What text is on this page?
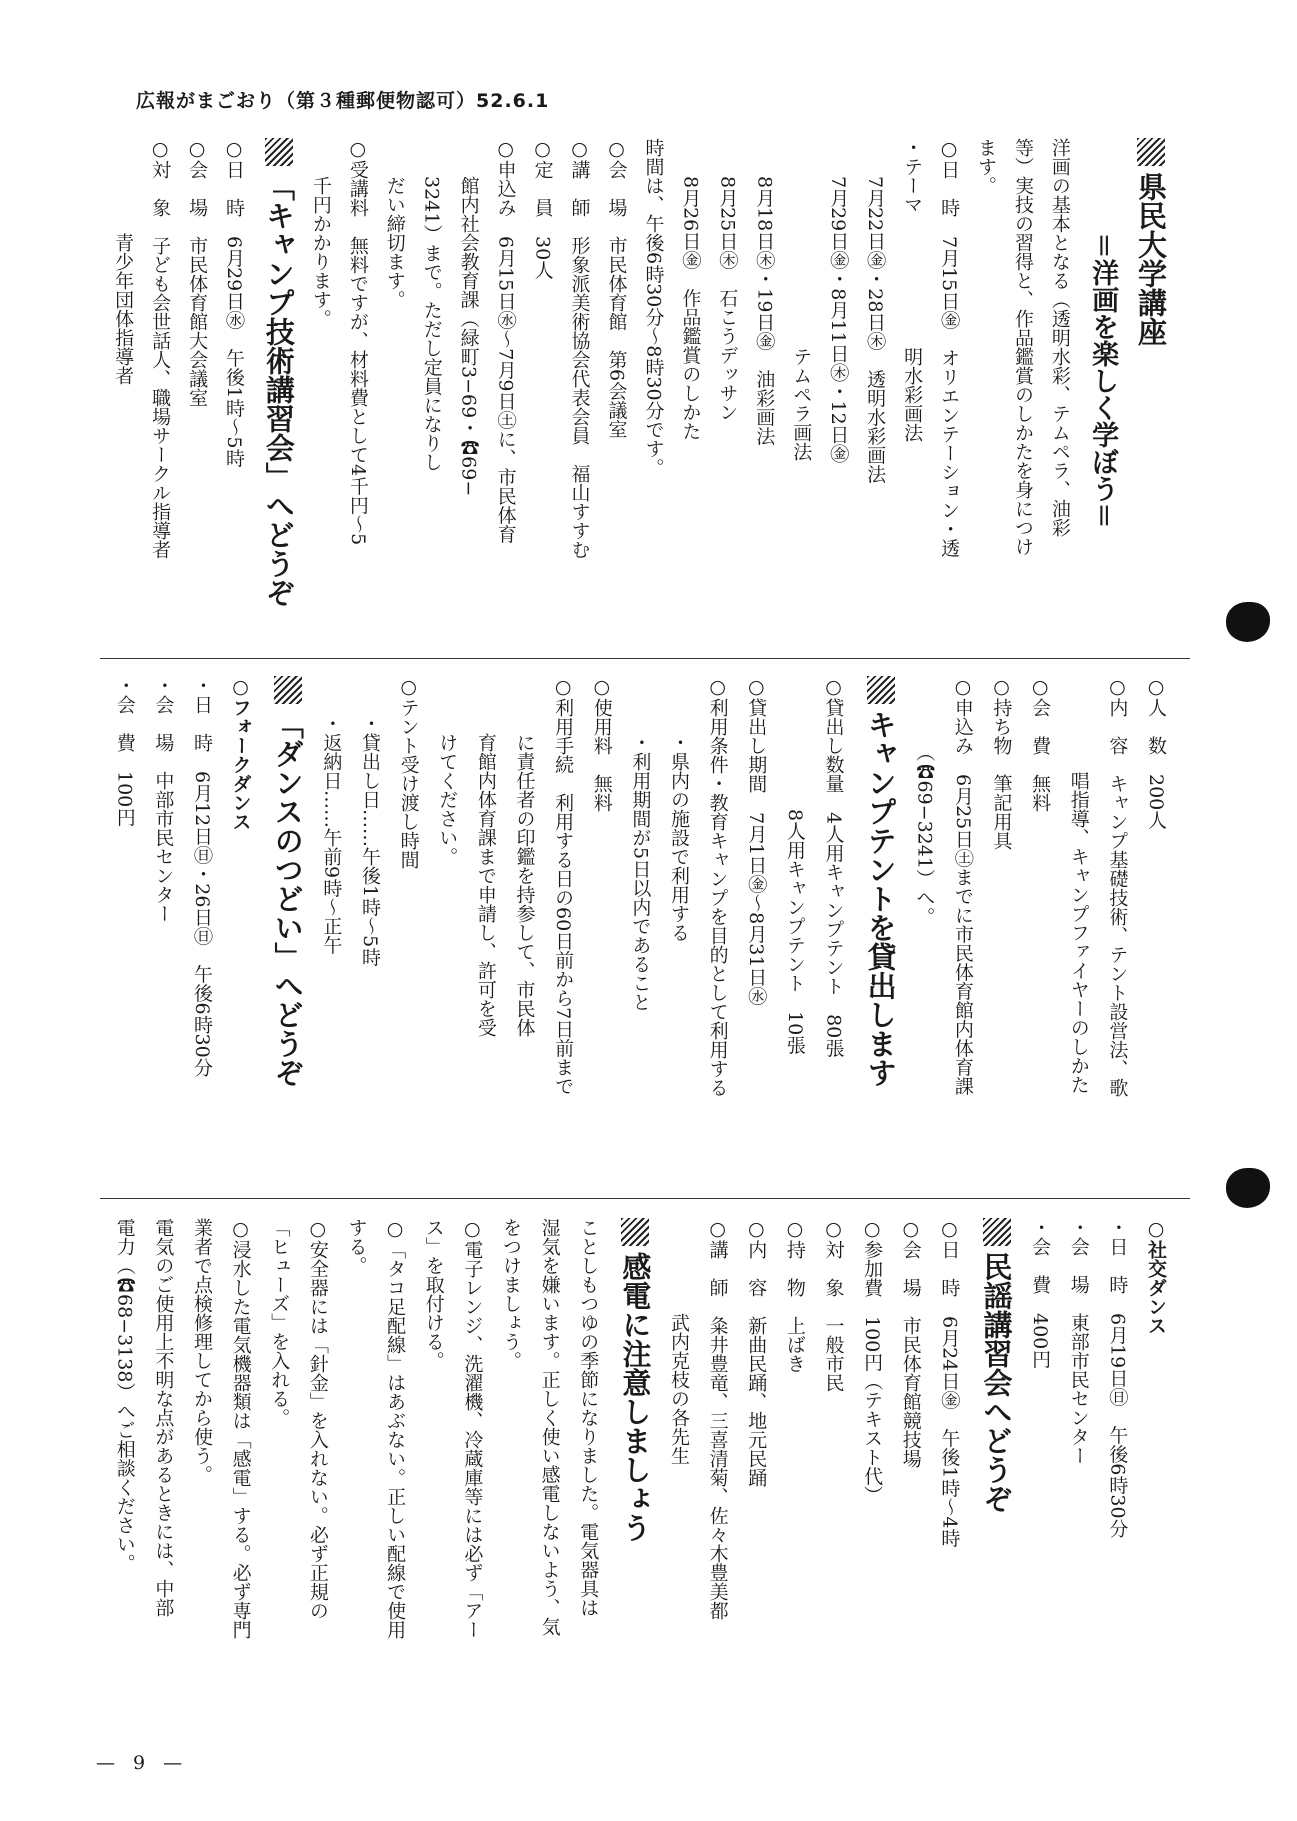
広報がまごおり（第３種郵便物認可）52.6.1
県民大学講座
＝洋画を楽しく学ぼう＝
洋画の基本となる（透明水彩、テムペラ、油彩
等）実技の習得と、作品鑑賞のしかたを身につけ
ます。
○日　時　7月15日㊎　オリエンテーション・透
・テーマ　　　　　　　明水彩画法
　　7月22日㊎・28日㊍　透明水彩画法
　　7月29日㊎・8月11日㊍・12日㊎
　　　　　　　　　　　テムペラ画法
　　8月18日㊍・19日㊎　油彩画法
　　8月25日㊍　石こうデッサン
　　8月26日㊎　作品鑑賞のしかた
時間は、午後6時30分〜8時30分です。
○会　場　市民体育館　第6会議室
○講　師　形象派美術協会代表会員　福山すすむ
○定　員　30人
○申込み　6月15日㊌〜7月9日㊏に、市民体育
　　館内社会教育課（緑町3−69・☎69−
　　3241）まで。ただし定員になりし
　　だい締切ます。
○受講料　無料ですが、材料費として4千円〜5
　　千円かかります。
「キャンプ技術講習会」へどうぞ
○日　時　6月29日㊌　午後1時〜5時
○会　場　市民体育館大会議室
○対　象　子ども会世話人、職場サークル指導者
　　　　　青少年団体指導者
○人　数　200人
○内　容　キャンプ基礎技術、テント設営法、歌
　　　　　唱指導、キャンプファイヤーのしかた
○会　費　無料
○持ち物　筆記用具
○申込み　6月25日㊏までに市民体育館内体育課
　　　　（☎69−3241）へ。
キャンプテントを貸出します
○貸出し数量　4人用キャンプテント　80張
　　　　　　　8人用キャンプテント　10張
○貸出し期間　7月1日㊎〜8月31日㊌
○利用条件・教育キャンプを目的として利用する
　　　・県内の施設で利用する
　　　・利用期間が5日以内であること
○使用料　無料
○利用手続　利用する日の60日前から7日前まで
　　　に責任者の印鑑を持参して、市民体
　　　育館内体育課まで申請し、許可を受
　　　けてください。
○テント受け渡し時間
　　・貸出し日……午後1時〜5時
　　・返納日……午前9時〜正午
「ダンスのつどい」へどうぞ
○フォークダンス
・日　時　6月12日㊐・26日㊐　午後6時30分
・会　場　中部市民センター
・会　費　100円
○社交ダンス
・日　時　6月19日㊐　午後6時30分
・会　場　東部市民センター
・会　費　400円
民謡講習会へどうぞ
○日　時　6月24日㊎　午後1時〜4時
○会　場　市民体育館競技場
○参加費　100円（テキスト代）
○対　象　一般市民
○持　物　上ばき
○内　容　新曲民踊、地元民踊
○講　師　粂井豊竜、三喜清菊、佐々木豊美都
　　　　　武内克枝の各先生
感電に注意しましょう
ことしもつゆの季節になりました。電気器具は
湿気を嫌います。正しく使い感電しないよう、気
をつけましょう。
○電子レンジ、洗濯機、冷蔵庫等には必ず「アー
ス」を取付ける。
○「タコ足配線」はあぶない。正しい配線で使用
する。
○安全器には「針金」を入れない。必ず正規の
「ヒューズ」を入れる。
○浸水した電気機器類は「感電」する。必ず専門
業者で点検修理してから使う。
電気のご使用上不明な点があるときには、中部
電力（☎68−3138）へご相談ください。
— 9 —
